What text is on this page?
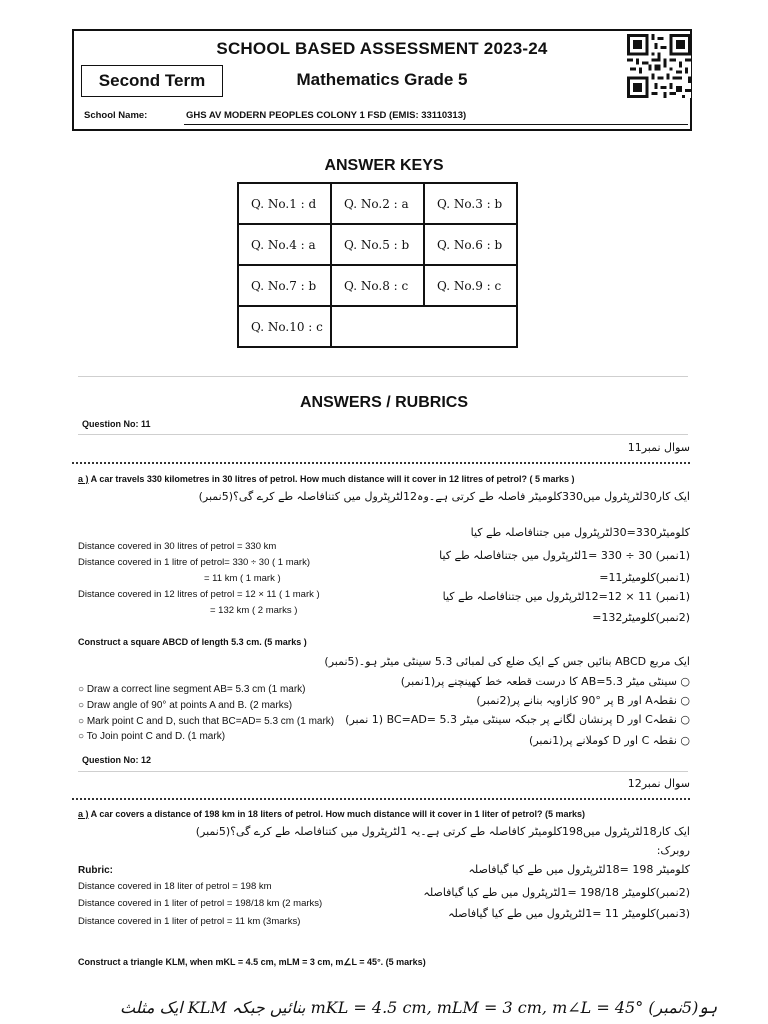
SCHOOL BASED ASSESSMENT 2023-24
Mathematics Grade 5
Second Term
School Name:	GHS AV MODERN PEOPLES COLONY 1 FSD (EMIS: 33110313)
ANSWER KEYS
Q. No.1 : d	Q. No.2 : a	Q. No.3 : b
Q. No.4 : a	Q. No.5 : b	Q. No.6 : b
Q. No.7 : b	Q. No.8 : c	Q. No.9 : c
Q. No.10 : c		
ANSWERS / RUBRICS
Question No: 11
سوال نمبر11
a ) A car travels 330 kilometres in 30 litres of petrol. How much distance will it cover in 12 litres of petrol? ( 5 marks )
ایک کار30لٹرپٹرول میں330کلومیٹر فاصلہ طے کرتی ہے۔وہ12لٹرپٹرول میں کتنافاصلہ طے کرے گی؟(5نمبر)
Distance covered in 30 litres of petrol = 330 km
Distance covered in 1 litre of petrol= 330 ÷ 30 ( 1 mark)
= 11 km ( 1 mark )
Distance covered in 12 litres of petrol = 12 × 11 ( 1 mark )
= 132 km ( 2 marks )
کلومیٹر330=30لٹرپٹرول میں جتنافاصلہ طے کیا
(1نمبر) 30 ÷ 330 =1لٹرپٹرول میں جتنافاصلہ طے کیا
(1نمبر)کلومیٹر11=
(1نمبر) 11 × 12=12لٹرپٹرول میں جتنافاصلہ طے کیا
(2نمبر)کلومیٹر132=
Construct a square ABCD of length 5.3 cm. (5 marks )
ایک مربع ABCD بنائیں جس کے ایک ضلع کی لمبائی 5.3 سینٹی میٹر ہو۔(5نمبر)
○ Draw a correct line segment AB= 5.3 cm (1 mark)
○ Draw angle of 90° at points A and B. (2 marks)
○ Mark point C and D, such that BC=AD= 5.3 cm (1 mark)
○ To Join point C and D. (1 mark)
○ سینٹی میٹر AB=5.3 کا درست قطعہ خط کھینچنے پر(1نمبر)
○ نقطہA اور B پر °90 کازاویہ بنانے پر(2نمبر)
○ نقطہC اور D پرنشان لگانے پر جبکہ سینٹی میٹر BC=AD= 5.3 (1 نمبر)
○ نقطہ C اور D کوملانے پر(1نمبر)
Question No: 12
سوال نمبر12
a ) A car covers a distance of 198 km in 18 liters of petrol. How much distance will it cover in 1 liter of petrol? (5 marks)
ایک کار18لٹرپٹرول میں198کلومیٹر کافاصلہ طے کرتی ہے۔یہ 1لٹرپٹرول میں کتنافاصلہ طے کرے گی؟(5نمبر)
روبرک:
Rubric:
Distance covered in 18 liter of petrol = 198 km
Distance covered in 1 liter of petrol = 198/18 km (2 marks)
Distance covered in 1 liter of petrol = 11 km (3marks)
کلومیٹر 198 =18لٹرپٹرول میں طے کیا گیافاصلہ
(2نمبر)کلومیٹر 198/18 =1لٹرپٹرول میں طے کیا گیافاصلہ
(3نمبر)کلومیٹر 11 =1لٹرپٹرول میں طے کیا گیافاصلہ
Construct a triangle KLM, when mKL = 4.5 cm, mLM = 3 cm, m∠L = 45°. (5 marks)
ایک مثلث KLM بنائیں جبکہ mKL = 4.5 cm, mLM = 3 cm, m∠L = 45° ہو(5نمبر)
